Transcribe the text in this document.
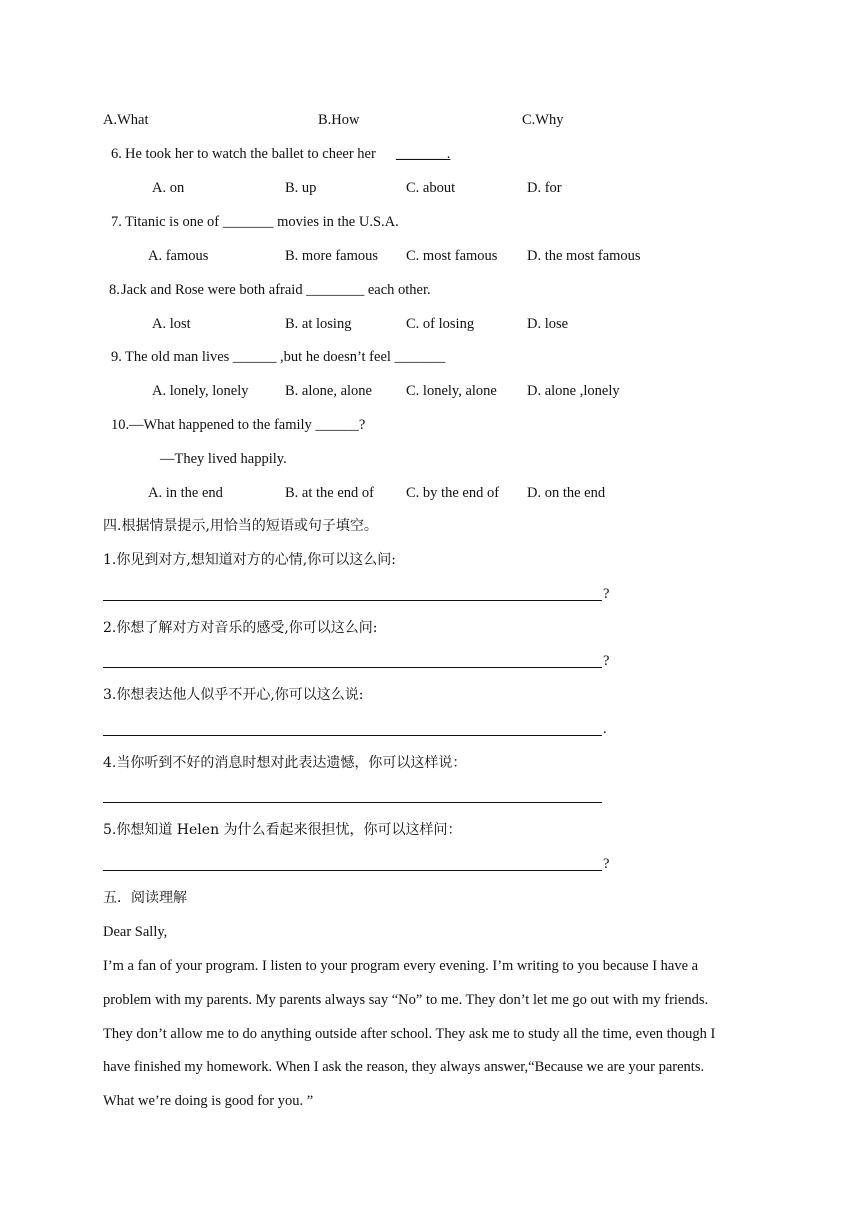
A.What	B.How	C.Why
6. He took her to watch the ballet to cheer her _______.
A. on	B. up	C. about	D. for
7. Titanic is one of _______ movies in the U.S.A.
A. famous	B. more famous C. most famous D. the most famous
8. Jack and Rose were both afraid ________ each other.
A. lost	B. at losing	C. of losing	D. lose
9. The old man lives ______ ,but he doesn’t feel _______
A. lonely, lonely	B. alone, alone C. lonely, alone D. alone ,lonely
10. —What happened to the family ______?
—They lived happily.
A. in the end	B. at the end of C. by the end of D. on the end
四.根据情景提示,用恰当的短语或句子填空。
1.你见到对方,想知道对方的心情,你可以这么问:
?
2.你想了解对方对音乐的感受,你可以这么问:
?
3.你想表达他人似乎不开心,你可以这么说:
.
4.当你听到不好的消息时想对此表达遗憾，你可以这样说：
5.你想知道 Helen 为什么看起来很担忧，你可以这样问：
?
五．阅读理解
Dear Sally,
I’m a fan of your program. I listen to your program every evening. I’m writing to you because I have a
problem with my parents. My parents always say “No” to me. They don’t let me go out with my friends.
They don’t allow me to do anything outside after school. They ask me to study all the time, even though I
have finished my homework. When I ask the reason, they always answer,“Because we are your parents.
What we’re doing is good for you. ”
